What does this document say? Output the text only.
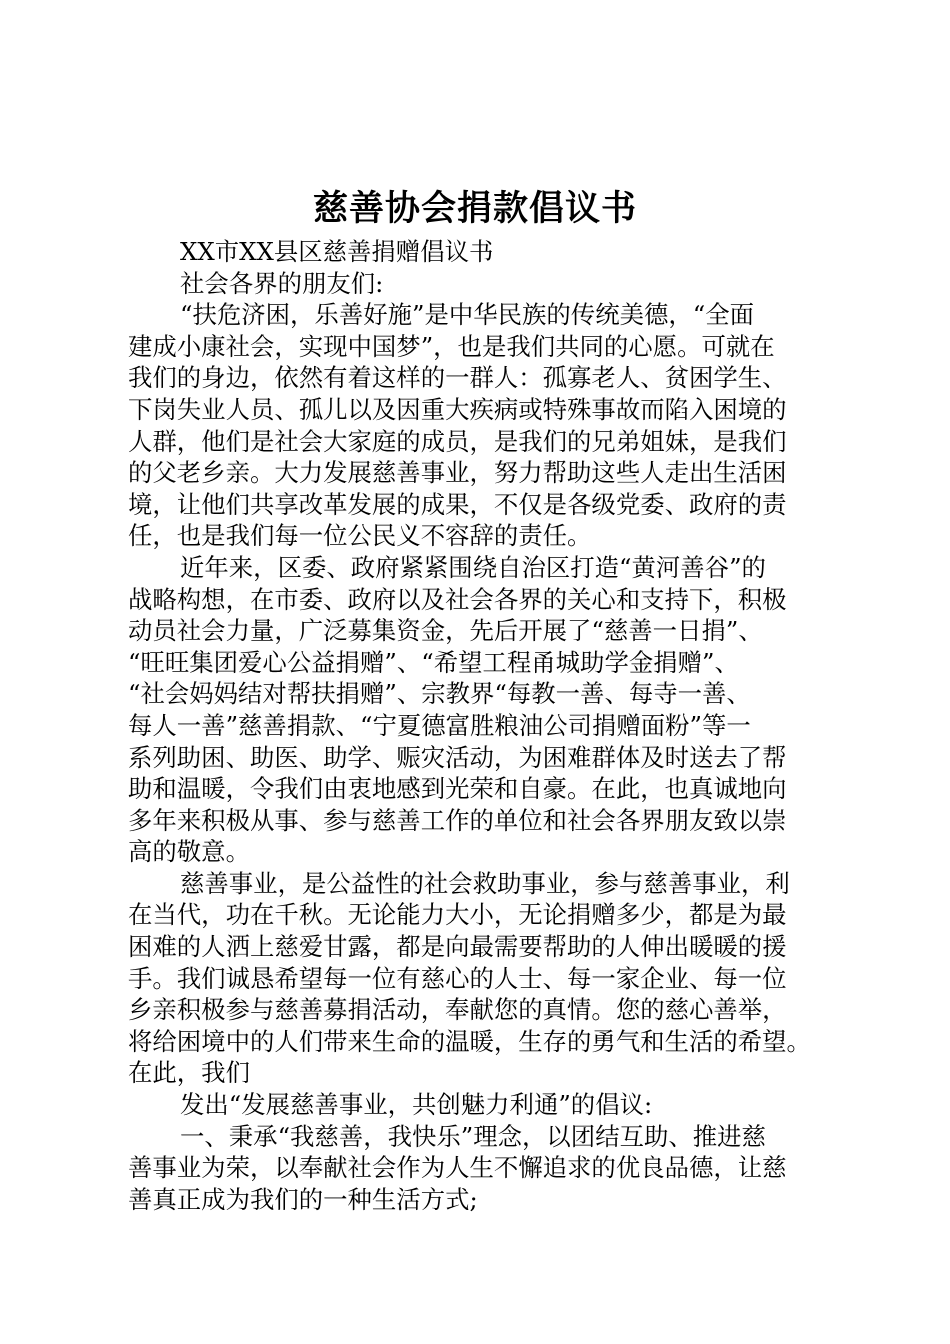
慈善协会捐款倡议书
XX市XX县区慈善捐赠倡议书
社会各界的朋友们:
“扶危济困，乐善好施”是中华民族的传统美德，“全面
建成小康社会，实现中国梦”，也是我们共同的心愿。可就在
我们的身边，依然有着这样的一群人：孤寡老人、贫困学生、
下岗失业人员、孤儿以及因重大疾病或特殊事故而陷入困境的
人群，他们是社会大家庭的成员，是我们的兄弟姐妹，是我们
的父老乡亲。大力发展慈善事业，努力帮助这些人走出生活困
境，让他们共享改革发展的成果，不仅是各级党委、政府的责
任，也是我们每一位公民义不容辞的责任。
近年来，区委、政府紧紧围绕自治区打造“黄河善谷”的
战略构想，在市委、政府以及社会各界的关心和支持下，积极
动员社会力量，广泛募集资金，先后开展了“慈善一日捐”、
“旺旺集团爱心公益捐赠”、“希望工程甬城助学金捐赠”、
“社会妈妈结对帮扶捐赠”、宗教界“每教一善、每寺一善、
每人一善”慈善捐款、“宁夏德富胜粮油公司捐赠面粉”等一
系列助困、助医、助学、赈灾活动，为困难群体及时送去了帮
助和温暖，令我们由衷地感到光荣和自豪。在此，也真诚地向
多年来积极从事、参与慈善工作的单位和社会各界朋友致以崇
高的敬意。
慈善事业，是公益性的社会救助事业，参与慈善事业，利
在当代，功在千秋。无论能力大小，无论捐赠多少，都是为最
困难的人洒上慈爱甘露，都是向最需要帮助的人伸出暖暖的援
手。我们诚恳希望每一位有慈心的人士、每一家企业、每一位
乡亲积极参与慈善募捐活动，奉献您的真情。您的慈心善举，
将给困境中的人们带来生命的温暖，生存的勇气和生活的希望。
在此，我们
发出“发展慈善事业，共创魅力利通”的倡议:
一、秉承“我慈善，我快乐”理念，以团结互助、推进慈
善事业为荣，以奉献社会作为人生不懈追求的优良品德，让慈
善真正成为我们的一种生活方式;
